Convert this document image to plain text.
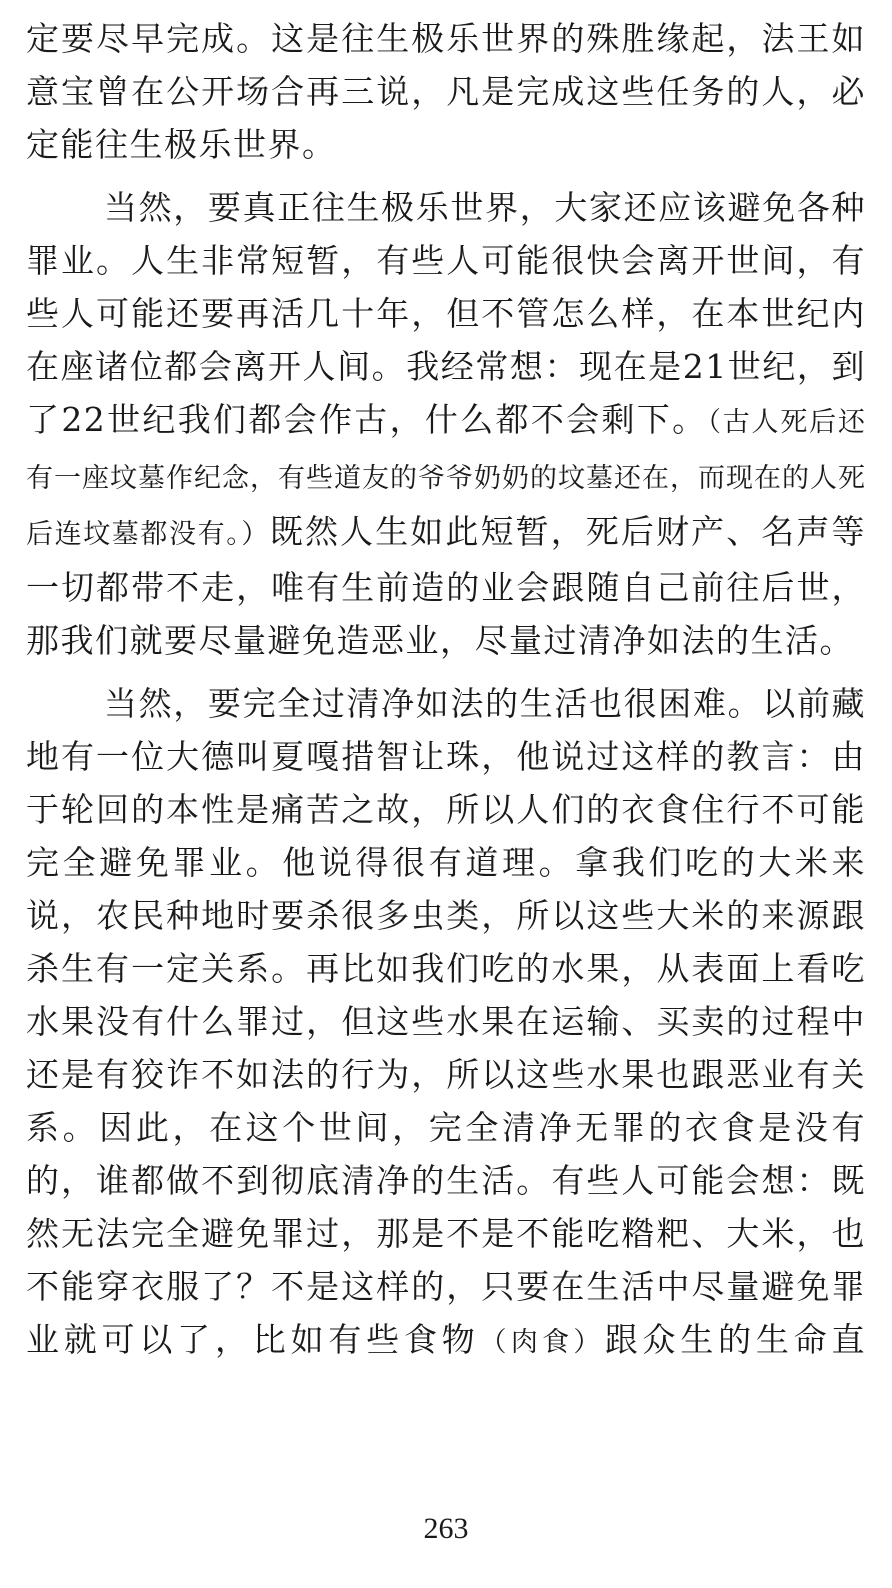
定要尽早完成。这是往生极乐世界的殊胜缘起，法王如意宝曾在公开场合再三说，凡是完成这些任务的人，必定能往生极乐世界。

当然，要真正往生极乐世界，大家还应该避免各种罪业。人生非常短暂，有些人可能很快会离开世间，有些人可能还要再活几十年，但不管怎么样，在本世纪内在座诸位都会离开人间。我经常想：现在是21世纪，到了22世纪我们都会作古，什么都不会剩下。（古人死后还有一座坟墓作纪念，有些道友的爷爷奶奶的坟墓还在，而现在的人死后连坟墓都没有。）既然人生如此短暂，死后财产、名声等一切都带不走，唯有生前造的业会跟随自己前往后世，那我们就要尽量避免造恶业，尽量过清净如法的生活。

当然，要完全过清净如法的生活也很困难。以前藏地有一位大德叫夏嘎措智让珠，他说过这样的教言：由于轮回的本性是痛苦之故，所以人们的衣食住行不可能完全避免罪业。他说得很有道理。拿我们吃的大米来说，农民种地时要杀很多虫类，所以这些大米的来源跟杀生有一定关系。再比如我们吃的水果，从表面上看吃水果没有什么罪过，但这些水果在运输、买卖的过程中还是有狡诈不如法的行为，所以这些水果也跟恶业有关系。因此，在这个世间，完全清净无罪的衣食是没有的，谁都做不到彻底清净的生活。有些人可能会想：既然无法完全避免罪过，那是不是不能吃糌粑、大米，也不能穿衣服了？不是这样的，只要在生活中尽量避免罪业就可以了，比如有些食物（肉食）跟众生的生命直

263
